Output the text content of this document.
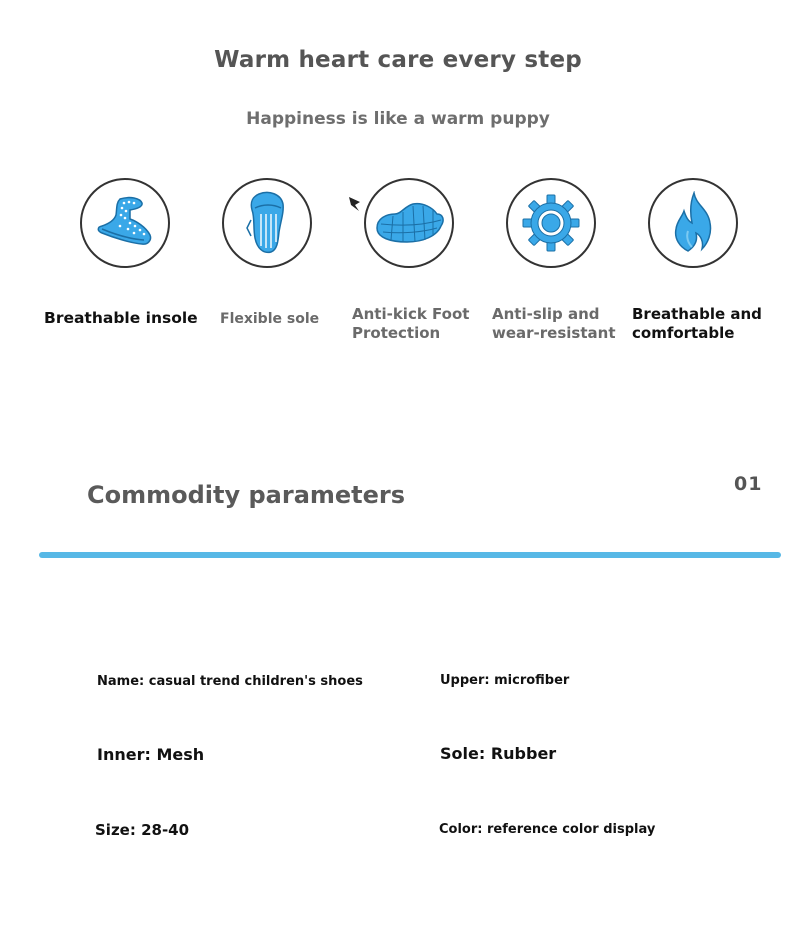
Warm heart care every step
Happiness is like a warm puppy

Breathable insole Flexible sole Anti-kick Foot
Protection

Anti-slip and
wear-resistant

Breathable and
comfortable

Commodity parameters	01

Name: casual trend children's shoes	Upper: microfiber

Inner: Mesh	Sole: Rubber

Size: 28-40	Color: reference color display
